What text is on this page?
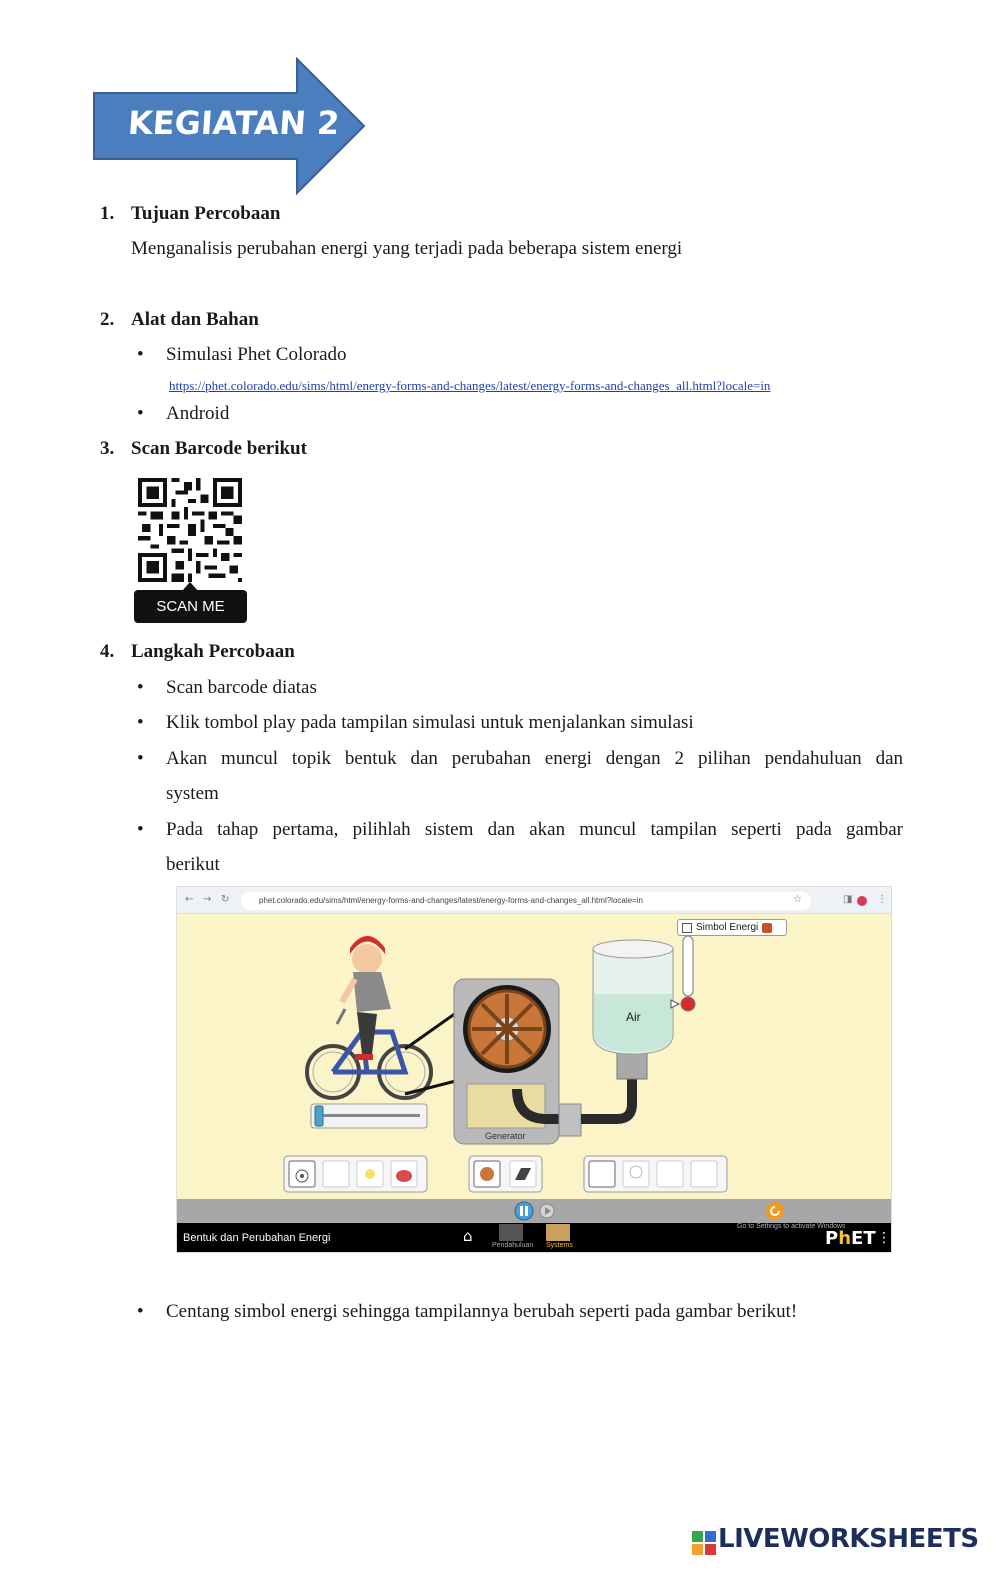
KEGIATAN 2
1. Tujuan Percobaan
Menganalisis perubahan energi yang terjadi pada beberapa sistem energi
2. Alat dan Bahan
• Simulasi Phet Colorado
https://phet.colorado.edu/sims/html/energy-forms-and-changes/latest/energy-forms-and-changes_all.html?locale=in
• Android
3. Scan Barcode berikut
SCAN ME
4. Langkah Percobaan
• Scan barcode diatas
• Klik tombol play pada tampilan simulasi untuk menjalankan simulasi
• Akan muncul topik bentuk dan perubahan energi dengan 2 pilihan pendahuluan dan
system
• Pada tahap pertama, pilihlah sistem dan akan muncul tampilan seperti pada gambar
berikut
← → ↻	phet.colorado.edu/sims/html/energy-forms-and-changes/latest/energy-forms-and-changes_all.html?locale=in	☆	◨ ⋮
Simbol Energi
Air
Generator
Bentuk dan Perubahan Energi	⌂
Pendahuluan Systems
Go to Settings to activate Windows
PhET ⋮
• Centang simbol energi sehingga tampilannya berubah seperti pada gambar berikut!
LIVEWORKSHEETS
